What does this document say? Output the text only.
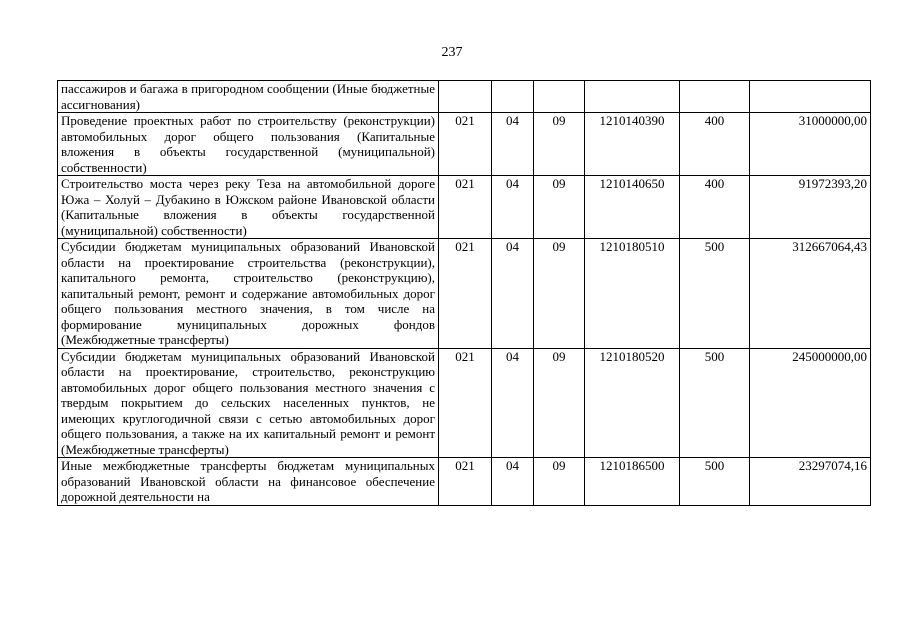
237
пассажиров и багажа в пригородном сообщении (Иные бюджетные ассигнования)						
Проведение проектных работ по строительству (реконструкции) автомобильных дорог общего пользования (Капитальные вложения в объекты государственной (муниципальной) собственности)	021	04	09	1210140390	400	31000000,00
Строительство моста через реку Теза на автомобильной дороге Южа – Холуй – Дубакино в Южском районе Ивановской области (Капитальные вложения в объекты государственной (муниципальной) собственности)	021	04	09	1210140650	400	91972393,20
Субсидии бюджетам муниципальных образований Ивановской области на проектирование строительства (реконструкции), капитального ремонта, строительство (реконструкцию), капитальный ремонт, ремонт и содержание автомобильных дорог общего пользования местного значения, в том числе на формирование муниципальных дорожных фондов (Межбюджетные трансферты)	021	04	09	1210180510	500	312667064,43
Субсидии бюджетам муниципальных образований Ивановской области на проектирование, строительство, реконструкцию автомобильных дорог общего пользования местного значения с твердым покрытием до сельских населенных пунктов, не имеющих круглогодичной связи с сетью автомобильных дорог общего пользования, а также на их капитальный ремонт и ремонт (Межбюджетные трансферты)	021	04	09	1210180520	500	245000000,00
Иные межбюджетные трансферты бюджетам муниципальных образований Ивановской области на финансовое обеспечение дорожной деятельности на	021	04	09	1210186500	500	23297074,16
